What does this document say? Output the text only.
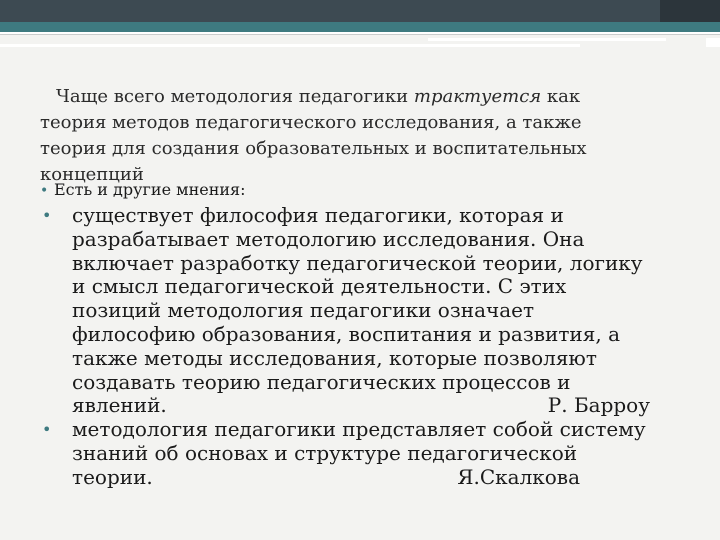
Чаще всего методология педагогики трактуется как

теория методов педагогического исследования, а также

теория для создания образовательных и воспитательных

концепций

• Есть и другие мнения:
•	существует философия педагогики, которая и
разрабатывает методологию исследования. Она
включает разработку педагогической теории, логику
и смысл педагогической деятельности. С этих
позиций методология педагогики означает
философию образования, воспитания и развития, а
также методы исследования, которые позволяют
создавать теорию педагогических процессов и
явлений.	Р. Барроу
•	методология педагогики представляет собой систему
знаний об основах и структуре педагогической
теории.	Я.Скалкова
